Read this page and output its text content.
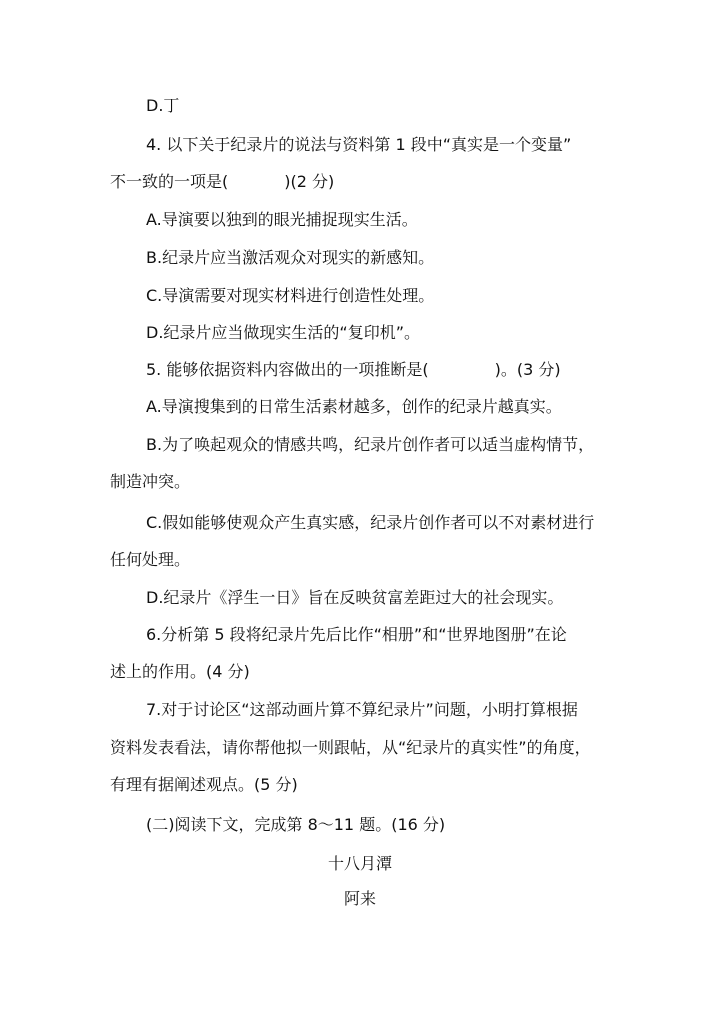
D.丁
4. 以下关于纪录片的说法与资料第 1 段中“真实是一个变量”
不一致的一项是(	)(2 分)
A.导演要以独到的眼光捕捉现实生活。
B.纪录片应当激活观众对现实的新感知。
C.导演需要对现实材料进行创造性处理。
D.纪录片应当做现实生活的“复印机”。
5. 能够依据资料内容做出的一项推断是(	)。(3 分)
A.导演搜集到的日常生活素材越多，创作的纪录片越真实。
B.为了唤起观众的情感共鸣，纪录片创作者可以适当虚构情节，
制造冲突。
C.假如能够使观众产生真实感，纪录片创作者可以不对素材进行
任何处理。
D.纪录片《浮生一日》旨在反映贫富差距过大的社会现实。
6.分析第 5 段将纪录片先后比作“相册”和“世界地图册”在论
述上的作用。(4 分)
7.对于讨论区“这部动画片算不算纪录片”问题，小明打算根据
资料发表看法，请你帮他拟一则跟帖，从“纪录片的真实性”的角度，
有理有据阐述观点。(5 分)
(二)阅读下文，完成第 8～11 题。(16 分)
十八月潭
阿来
